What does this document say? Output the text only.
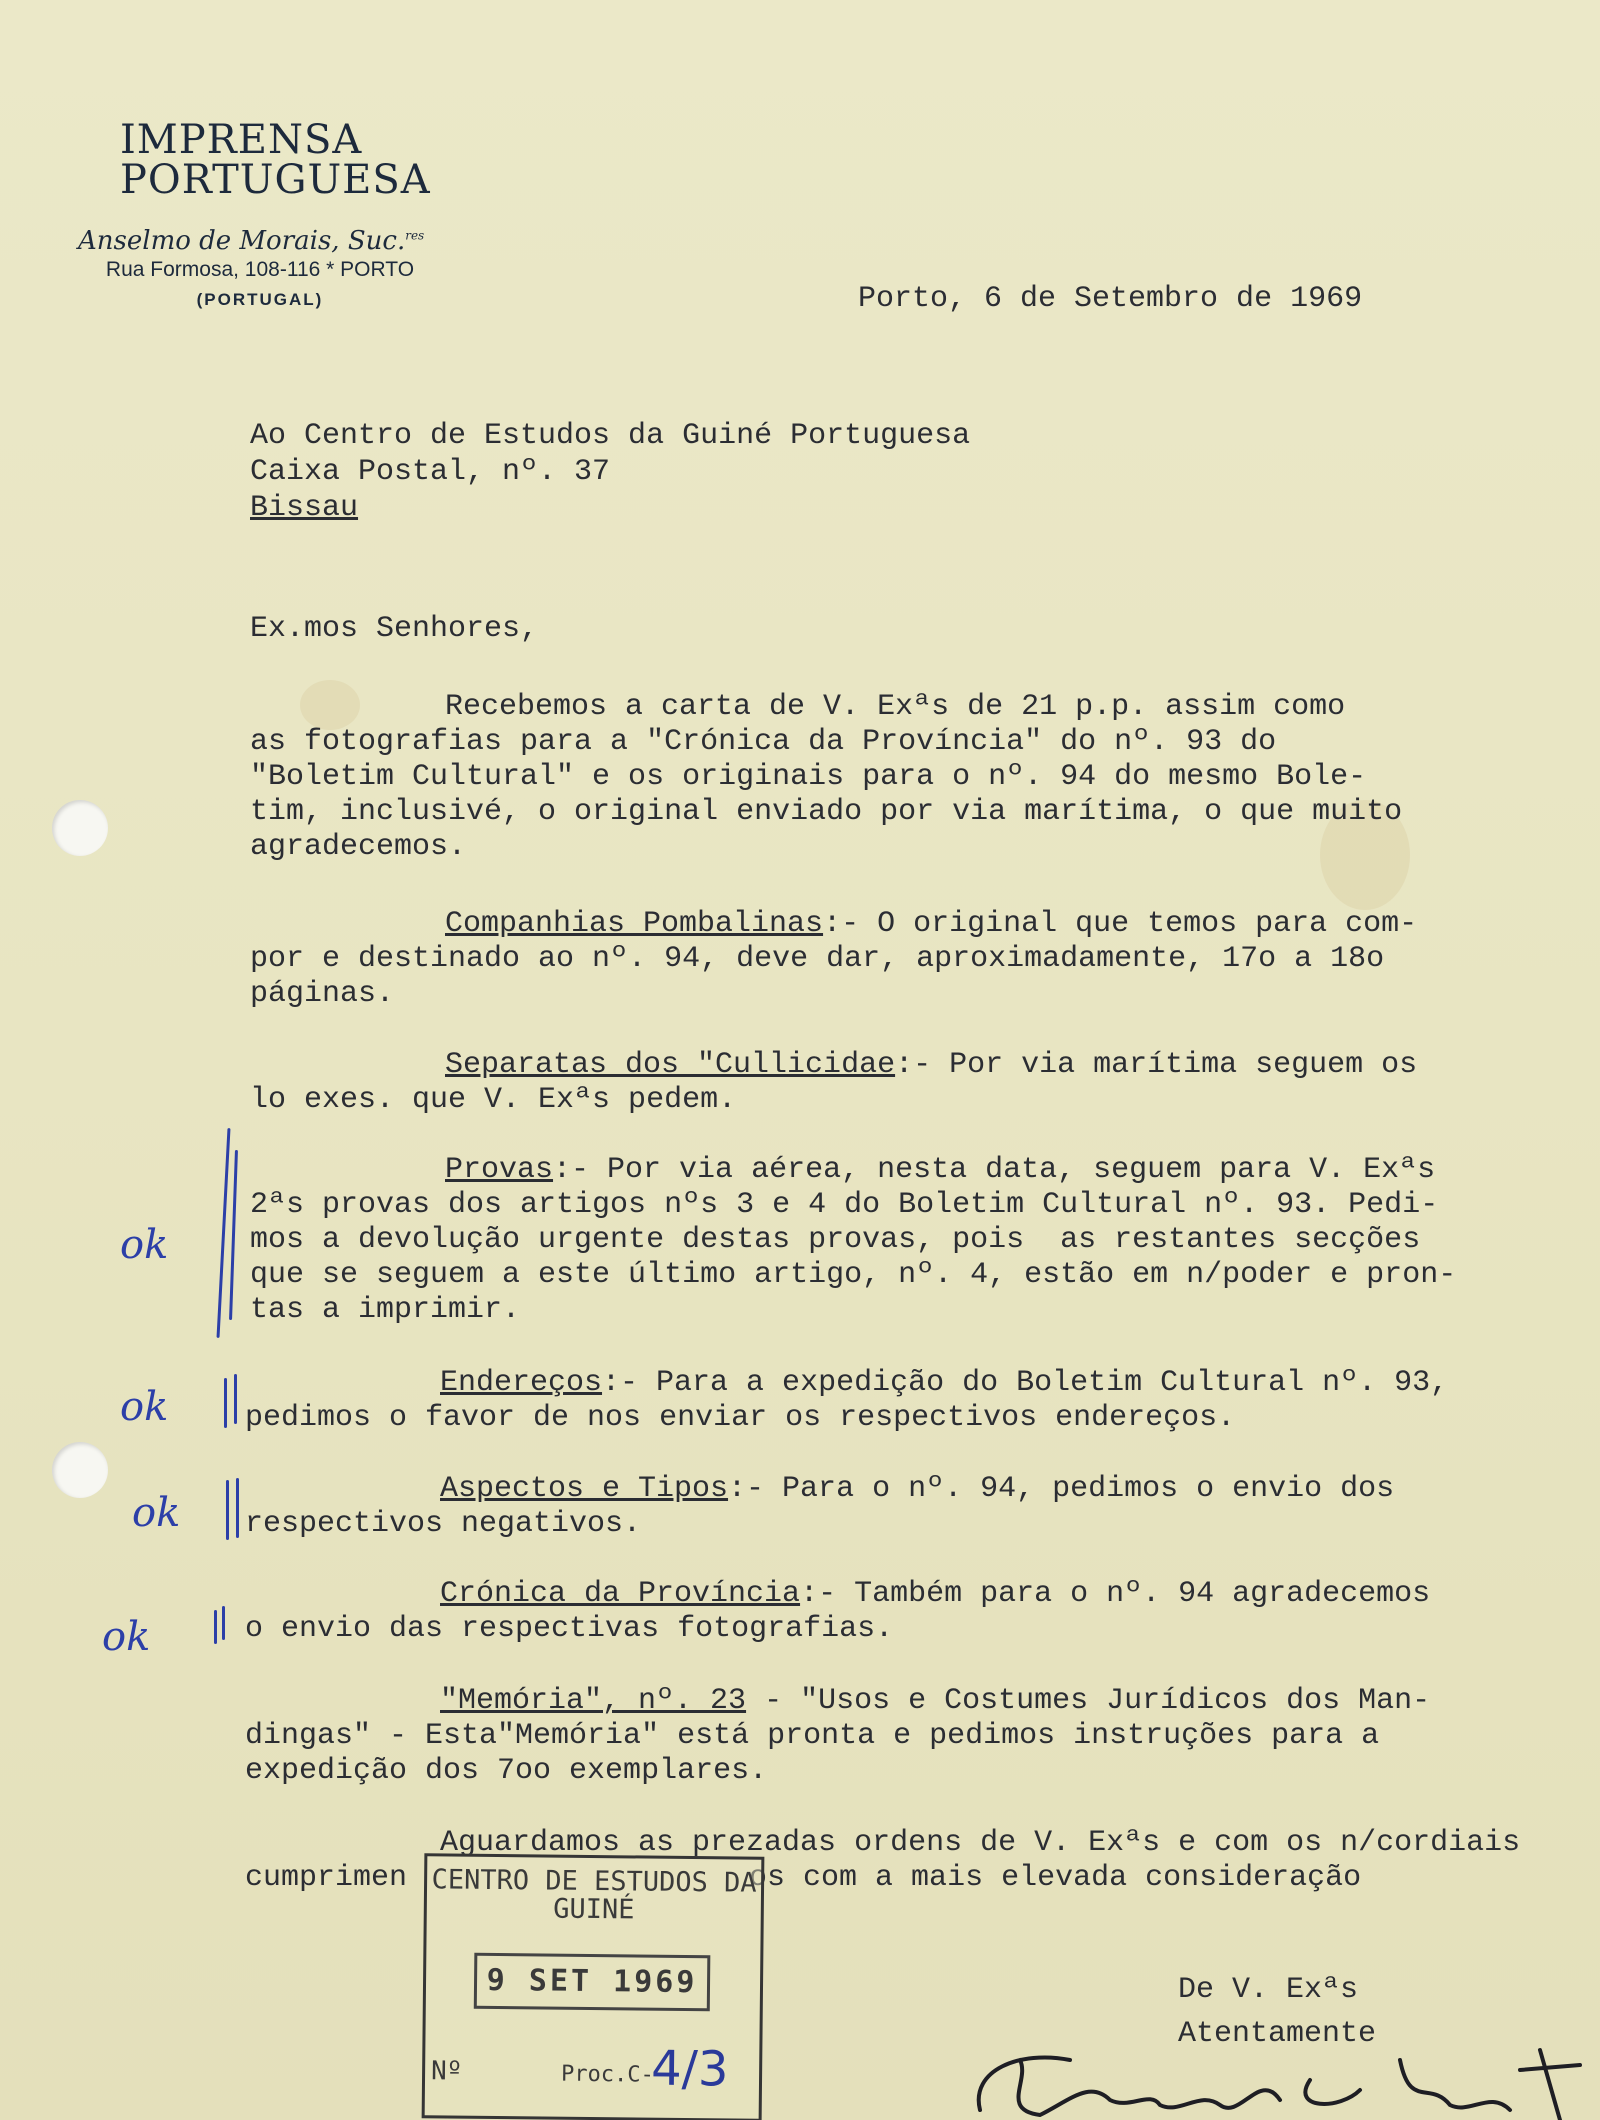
IMPRENSA
PORTUGUESA
Anselmo de Morais, Suc.$^{res}$
Rua Formosa, 108-116 * PORTO
(PORTUGAL)	Porto, 6 de Setembro de 1969
Ao Centro de Estudos da Guiné Portuguesa
Caixa Postal, nº. 37
Bissau
Ex.mos Senhores,
Recebemos a carta de V. Exªs de 21 p.p. assim como
as fotografias para a "Crónica da Província" do nº. 93 do
"Boletim Cultural" e os originais para o nº. 94 do mesmo Bole-
tim, inclusivé, o original enviado por via marítima, o que muito
agradecemos.
Companhias Pombalinas:- O original que temos para com-
por e destinado ao nº. 94, deve dar, aproximadamente, 17o a 18o
páginas.
Separatas dos "Cullicidae:- Por via marítima seguem os
lo exes. que V. Exªs pedem.
Provas:- Por via aérea, nesta data, seguem para V. Exªs
2ªs provas dos artigos nºs 3 e 4 do Boletim Cultural nº. 93. Pedi-
mos a devolução urgente destas provas, pois  as restantes secções
que se seguem a este último artigo, nº. 4, estão em n/poder e pron-
tas a imprimir.
Endereços:- Para a expedição do Boletim Cultural nº. 93,
pedimos o favor de nos enviar os respectivos endereços.
Aspectos e Tipos:- Para o nº. 94, pedimos o envio dos
respectivos negativos.
Crónica da Província:- Também para o nº. 94 agradecemos
o envio das respectivas fotografias.
"Memória", nº. 23 - "Usos e Costumes Jurídicos dos Man-
dingas" - Esta"Memória" está pronta e pedimos instruções para a
expedição dos 7oo exemplares.
Aguardamos as prezadas ordens de V. Exªs e com os n/cordiais
cumprimen	os com a mais elevada consideração
CENTRO DE ESTUDOS DA GUINÉ
9 SET 1969
Nº	Proc.C-
4/3
De V. Exªs
Atentamente
ok
ok
ok
ok
